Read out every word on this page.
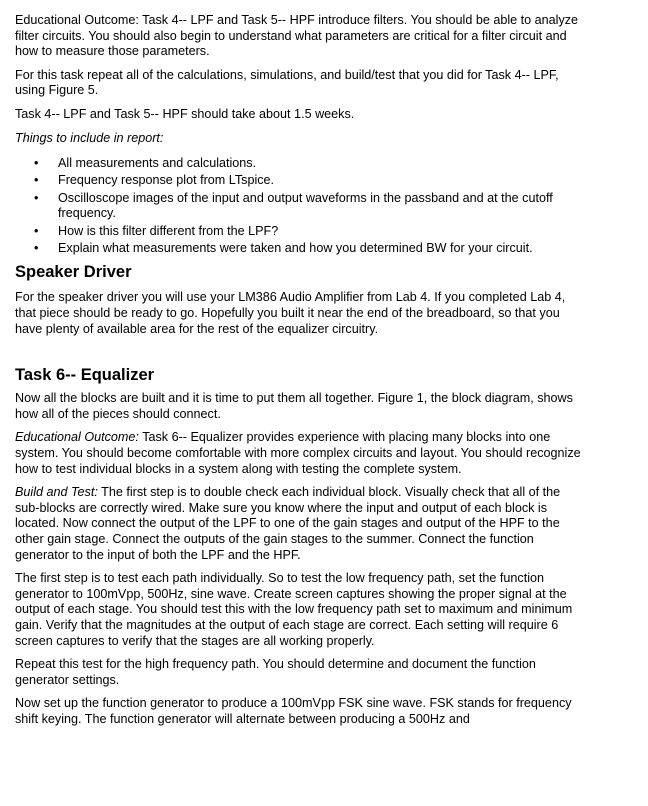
Educational Outcome: Task 4-- LPF and Task 5-- HPF introduce filters. You should be able to analyze filter circuits. You should also begin to understand what parameters are critical for a filter circuit and how to measure those parameters.

For this task repeat all of the calculations, simulations, and build/test that you did for Task 4-- LPF, using Figure 5.

Task 4-- LPF and Task 5-- HPF should take about 1.5 weeks.

Things to include in report:

• All measurements and calculations.
• Frequency response plot from LTspice.
• Oscilloscope images of the input and output waveforms in the passband and at the cutoff frequency.
• How is this filter different from the LPF?
• Explain what measurements were taken and how you determined BW for your circuit.
Speaker Driver

For the speaker driver you will use your LM386 Audio Amplifier from Lab 4. If you completed Lab 4, that piece should be ready to go. Hopefully you built it near the end of the breadboard, so that you have plenty of available area for the rest of the equalizer circuitry.

Task 6-- Equalizer

Now all the blocks are built and it is time to put them all together. Figure 1, the block diagram, shows how all of the pieces should connect.

Educational Outcome: Task 6-- Equalizer provides experience with placing many blocks into one system. You should become comfortable with more complex circuits and layout. You should recognize how to test individual blocks in a system along with testing the complete system.

Build and Test: The first step is to double check each individual block. Visually check that all of the sub-blocks are correctly wired. Make sure you know where the input and output of each block is located. Now connect the output of the LPF to one of the gain stages and output of the HPF to the other gain stage. Connect the outputs of the gain stages to the summer. Connect the function generator to the input of both the LPF and the HPF.

The first step is to test each path individually. So to test the low frequency path, set the function generator to 100mVpp, 500Hz, sine wave. Create screen captures showing the proper signal at the output of each stage. You should test this with the low frequency path set to maximum and minimum gain. Verify that the magnitudes at the output of each stage are correct. Each setting will require 6 screen captures to verify that the stages are all working properly.

Repeat this test for the high frequency path. You should determine and document the function generator settings.

Now set up the function generator to produce a 100mVpp FSK sine wave. FSK stands for frequency shift keying. The function generator will alternate between producing a 500Hz and
